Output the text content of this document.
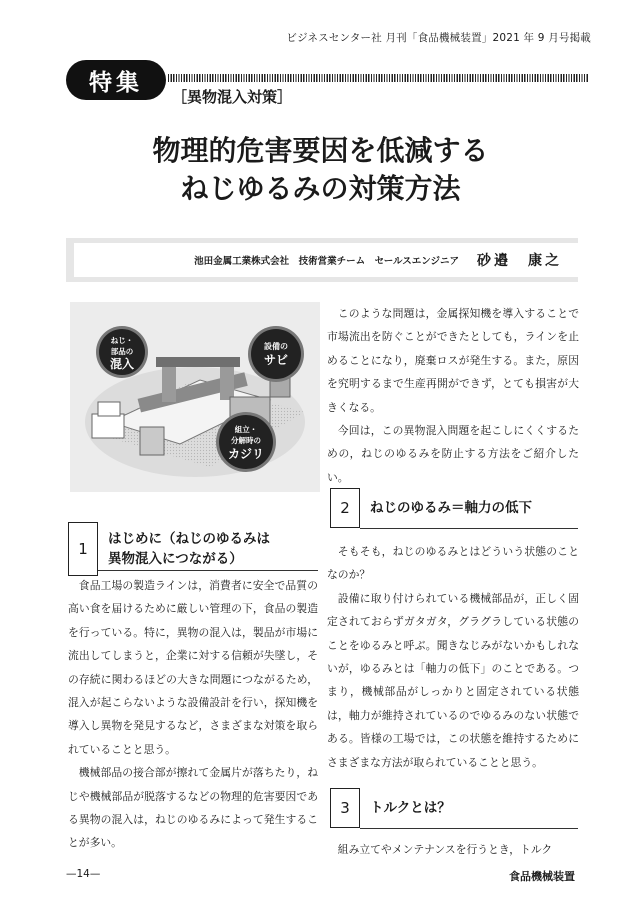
ビジネスセンター社 月刊「食品機械装置」2021 年 9 月号掲載
特集
［異物混入対策］
物理的危害要因を低減する
ねじゆるみの対策方法
池田金属工業株式会社　技術営業チーム　セールスエンジニア 砂邉　康之
ねじ・
部品の
混入
設備の
サビ
組立・
分解時の
カジリ
1
はじめに（ねじのゆるみは
異物混入につながる）

食品工場の製造ラインは，消費者に安全で品質の高い食を届けるために厳しい管理の下，食品の製造を行っている。特に，異物の混入は，製品が市場に流出してしまうと，企業に対する信頼が失墜し，その存続に関わるほどの大きな問題につながるため，混入が起こらないような設備設計を行い，探知機を導入し異物を発見するなど，さまざまな対策を取られていることと思う。

機械部品の接合部が擦れて金属片が落ちたり，ねじや機械部品が脱落するなどの物理的危害要因である異物の混入は，ねじのゆるみによって発生することが多い。

このような問題は，金属探知機を導入することで市場流出を防ぐことができたとしても，ラインを止めることになり，廃棄ロスが発生する。また，原因を究明するまで生産再開ができず，とても損害が大きくなる。

今回は，この異物混入問題を起こしにくくするための，ねじのゆるみを防止する方法をご紹介したい。

2	ねじのゆるみ＝軸力の低下

そもそも，ねじのゆるみとはどういう状態のことなのか？

設備に取り付けられている機械部品が，正しく固定されておらずガタガタ，グラグラしている状態のことをゆるみと呼ぶ。聞きなじみがないかもしれないが，ゆるみとは「軸力の低下」のことである。つまり，機械部品がしっかりと固定されている状態は，軸力が維持されているのでゆるみのない状態である。皆様の工場では，この状態を維持するためにさまざまな方法が取られていることと思う。

3	トルクとは？

組み立てやメンテナンスを行うとき，トルク

—14—	食品機械装置
